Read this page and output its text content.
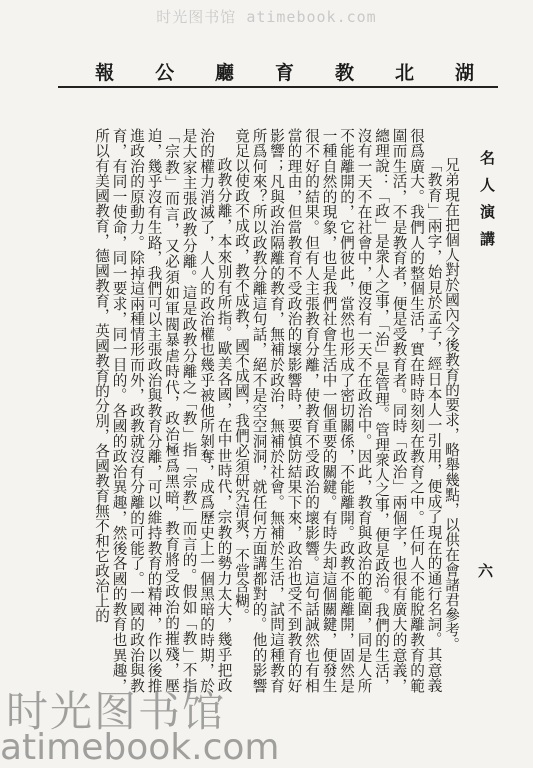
时光图书馆 atimebook.com
湖
北
教
育
廳
公
報
名人演講
六

兄弟現在把個人對於國內今後教育的要求，略舉幾點，以供在會諸君參考。

「教育」兩字，始見於孟子，經日本人一引用，便成了現在的通行名詞。其意義很爲廣大。我們人的整個生活，實在時時刻刻在教育之中。任何人不能脫離教育的範圍而生活，不是教育者，便是受教育者。同時「政治」兩個字，也很有廣大的意義，總理說：「政」是衆人之事，「治」是管理。管理衆人之事，便是政治。我們的生活，沒有一天不在社會中，便沒有一天不在政治中。因此，教育與政治的範圍，同是人所不能離開的，它們彼此，當然也形成了密切關係，不能離開。政教不能離開，固然是一種自然的現象，也是我們社會生活中一個重要的關鍵。有時失却這個關鍵，便發生很不好的結果。但有人主張教育分離，使教育不受政治的壞影響。這句話誠然也有相當的理由，但當教育不受政治的壞影響時，要慎防結果下來，政治也受不到教育的好影響；凡與政治隔離的教育，無補於政治，無補於社會。無補於生活，試問這種教育所爲何來？所以政教分離這句話，絕不是空空洞洞，就任何方面講都對的。他的影響竟足以使政不成政，教不成教，國不成國，我們必須研究清爽，不當含糊。

政教分離，本來別有所指。歐美各國，在中世時代，宗教的勢力太大，幾乎把政治的權力消滅了，人人的政治權也幾乎被他所剝奪，成爲歷史上一個黑暗的時期，於是大家主張政教分離。這是政教分離之「教」指「宗教」而言的。假如「教」不指「宗教」而言，又必須如軍閥暴虐時代，政治極爲黑暗，教育將受政治的摧殘，壓迫，幾乎沒有生路，我們可以主張政治與教育分離，可以維持教育的精神，作以後推進政治的原動力。除掉這兩種情形而外，政教就沒有分離的可能了。一國的政治與教育，有同一使命，同一要求，同一目的。各國的政治異趣，然後各國的教育也異趣，所以有美國教育，德國教育，英國教育的分別，各國教育無不和它政治上的

时光图书馆
atimebook.com
